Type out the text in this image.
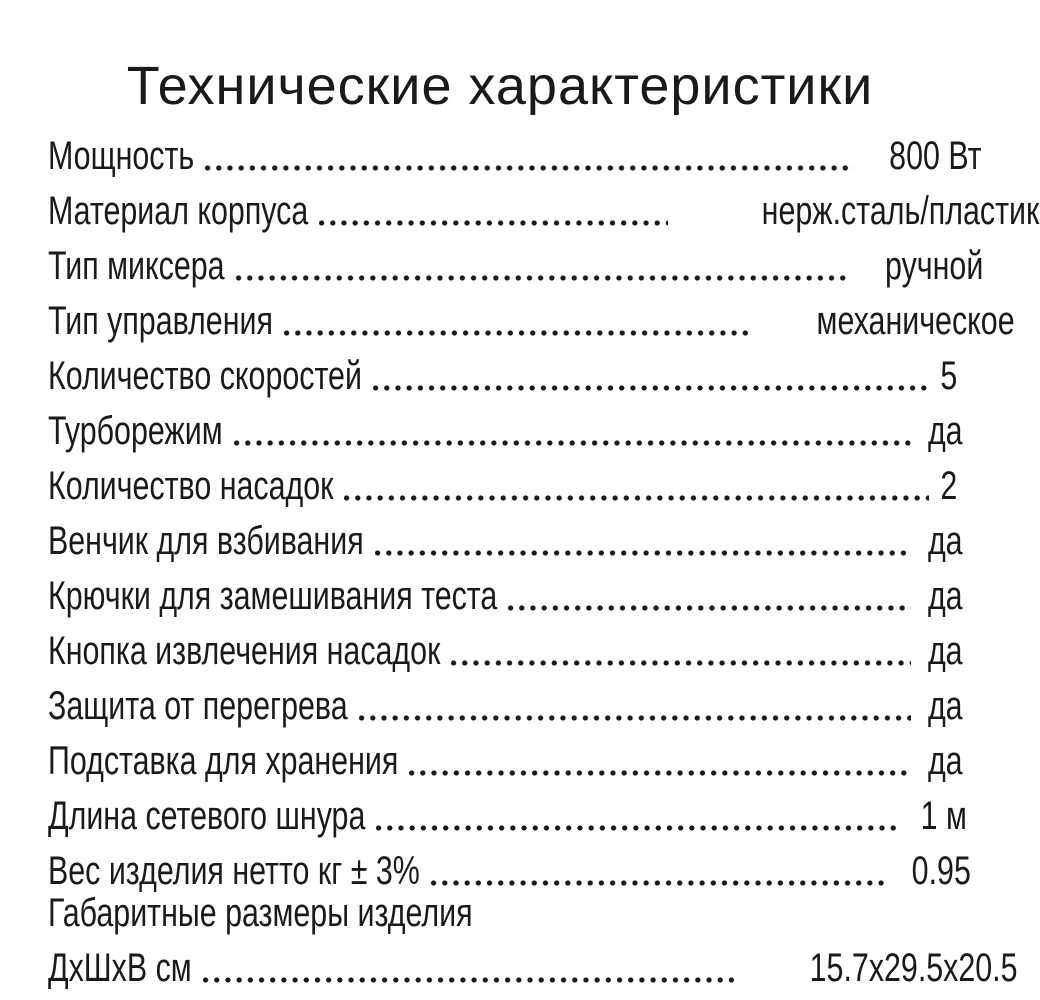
Технические характеристики
Мощность	800 Вт
Материал корпуса	нерж.сталь/пластик
Тип миксера	ручной
Тип управления	механическое
Количество скоростей	5
Турборежим	да
Количество насадок	2
Венчик для взбивания	да
Крючки для замешивания теста	да
Кнопка извлечения насадок	да
Защита от перегрева	да
Подставка для хранения	да
Длина сетевого шнура	1 м
Вес изделия нетто кг ± 3%	0.95
Габаритные размеры изделия
ДхШхВ см	15.7x29.5x20.5
